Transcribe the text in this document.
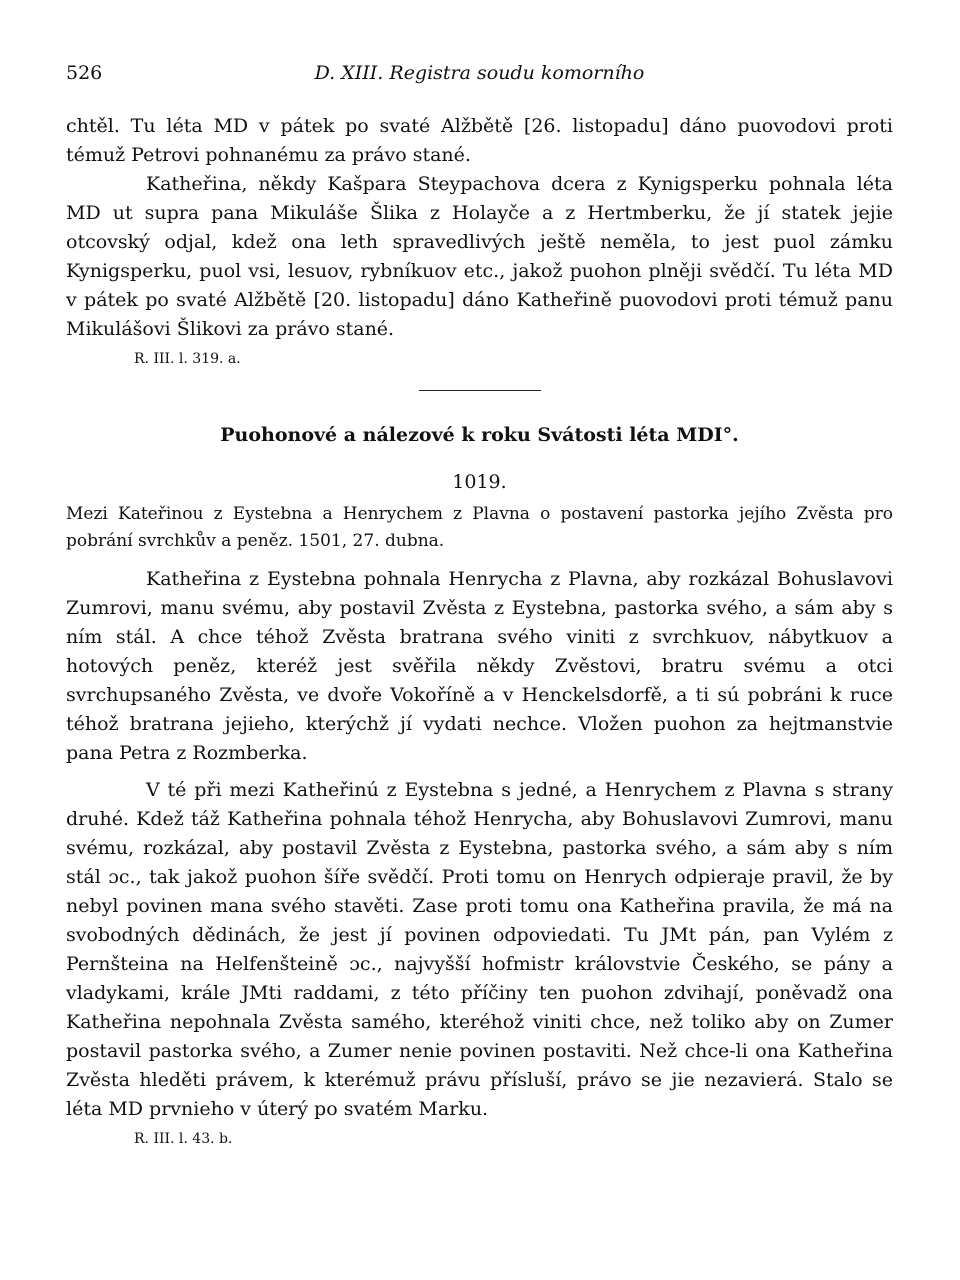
526	D. XIII. Registra soudu komorního

chtěl. Tu léta MD v pátek po svaté Alžbětě [26. listopadu] dáno puovodovi proti témuž Petrovi pohnanému za právo stané.

Katheřina, někdy Kašpara Steypachova dcera z Kynigsperku pohnala léta MD ut supra pana Mikuláše Šlika z Holayče a z Hertmberku, že jí statek jejie otcovský odjal, kdež ona leth spravedlivých ještě neměla, to jest puol zámku Kynigsperku, puol vsi, lesuov, rybníkuov etc., jakož puohon plněji svědčí. Tu léta MD v pátek po svaté Alžbětě [20. listopadu] dáno Katheřině puovodovi proti témuž panu Mikulášovi Šlikovi za právo stané.

R. III. l. 319. a.
Puohonové a nálezové k roku Svátosti léta MDI°.
1019.

Mezi Kateřinou z Eystebna a Henrychem z Plavna o postavení pastorka jejího Zvěsta pro pobrání svrchkův a peněz. 1501, 27. dubna.

Katheřina z Eystebna pohnala Henrycha z Plavna, aby rozkázal Bohuslavovi Zumrovi, manu svému, aby postavil Zvěsta z Eystebna, pastorka svého, a sám aby s ním stál. A chce téhož Zvěsta bratrana svého viniti z svrchkuov, nábytkuov a hotových peněz, kteréž jest svěřila někdy Zvěstovi, bratru svému a otci svrchupsaného Zvěsta, ve dvoře Vokoříně a v Henckelsdorfě, a ti sú pobráni k ruce téhož bratrana jejieho, kterýchž jí vydati nechce. Vložen puohon za hejtmanstvie pana Petra z Rozmberka.

V té při mezi Katheřinú z Eystebna s jedné, a Henrychem z Plavna s strany druhé. Kdež táž Katheřina pohnala téhož Henrycha, aby Bohuslavovi Zumrovi, manu svému, rozkázal, aby postavil Zvěsta z Eystebna, pastorka svého, a sám aby s ním stál ɔc., tak jakož puohon šíře svědčí. Proti tomu on Henrych odpieraje pravil, že by nebyl povinen mana svého stavěti. Zase proti tomu ona Katheřina pravila, že má na svobodných dědinách, že jest jí povinen odpoviedati. Tu JMt pán, pan Vylém z Pernšteina na Helfenšteině ɔc., najvyšší hofmistr královstvie Českého, se pány a vladykami, krále JMti raddami, z této příčiny ten puohon zdvihají, poněvadž ona Katheřina nepohnala Zvěsta samého, kteréhož viniti chce, než toliko aby on Zumer postavil pastorka svého, a Zumer nenie povinen postaviti. Než chce-li ona Katheřina Zvěsta hleděti právem, k kterémuž právu přísluší, právo se jie nezavierá. Stalo se léta MD prvnieho v úterý po svatém Marku.

R. III. l. 43. b.
